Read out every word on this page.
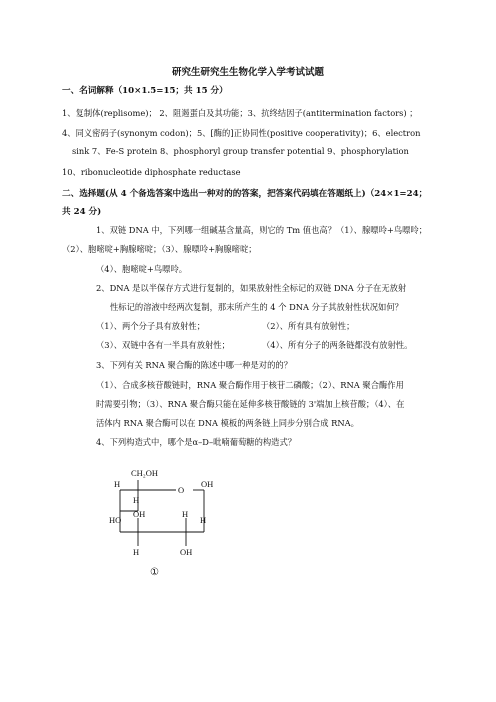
研究生研究生生物化学入学考试试题
一、名词解释（10×1.5=15；共 15 分）
1、复制体(replisome)； 2、阻遏蛋白及其功能；3、抗终结因子(antitermination factors) ；
4、同义密码子(synonym codon)；5、[酶的]正协同性(positive cooperativity)；6、electron
sink 7、Fe-S protein 8、phosphoryl group transfer potential 9、phosphorylation
10、ribonucleotide diphosphate reductase
二、选择题(从 4 个备选答案中选出一种对的的答案，把答案代码填在答题纸上)（24×1=24；
共 24 分)
1、双链 DNA 中，下列哪一组碱基含量高，则它的 Tm 值也高？（1）、腺嘌呤+鸟嘌呤；
（2）、胞嘧啶+胸腺嘧啶；（3）、腺嘌呤+胸腺嘧啶；
（4）、胞嘧啶+鸟嘌呤。
2、DNA 是以半保存方式进行复制的，如果放射性全标记的双链 DNA 分子在无放射
性标记的溶液中经两次复制，那末所产生的 4 个 DNA 分子其放射性状况如何？
（1）、两个分子具有放射性；	（2）、所有具有放射性；
（3）、双链中各有一半具有放射性；	（4）、所有分子的两条链都没有放射性。
3、下列有关 RNA 聚合酶的陈述中哪一种是对的的？
（1）、合成多核苷酸链时，RNA 聚合酶作用于核苷二磷酸；（2）、RNA 聚合酶作用
时需要引物；（3）、RNA 聚合酶只能在延伸多核苷酸链的 3'端加上核苷酸；（4）、在
活体内 RNA 聚合酶可以在 DNA 模板的两条链上同步分别合成 RNA。
4、下列构造式中，哪个是α–D–吡喃葡萄糖的构造式？
CH₂OH
H
O
OH
H
HO
OH	H
H
H	OH
①
